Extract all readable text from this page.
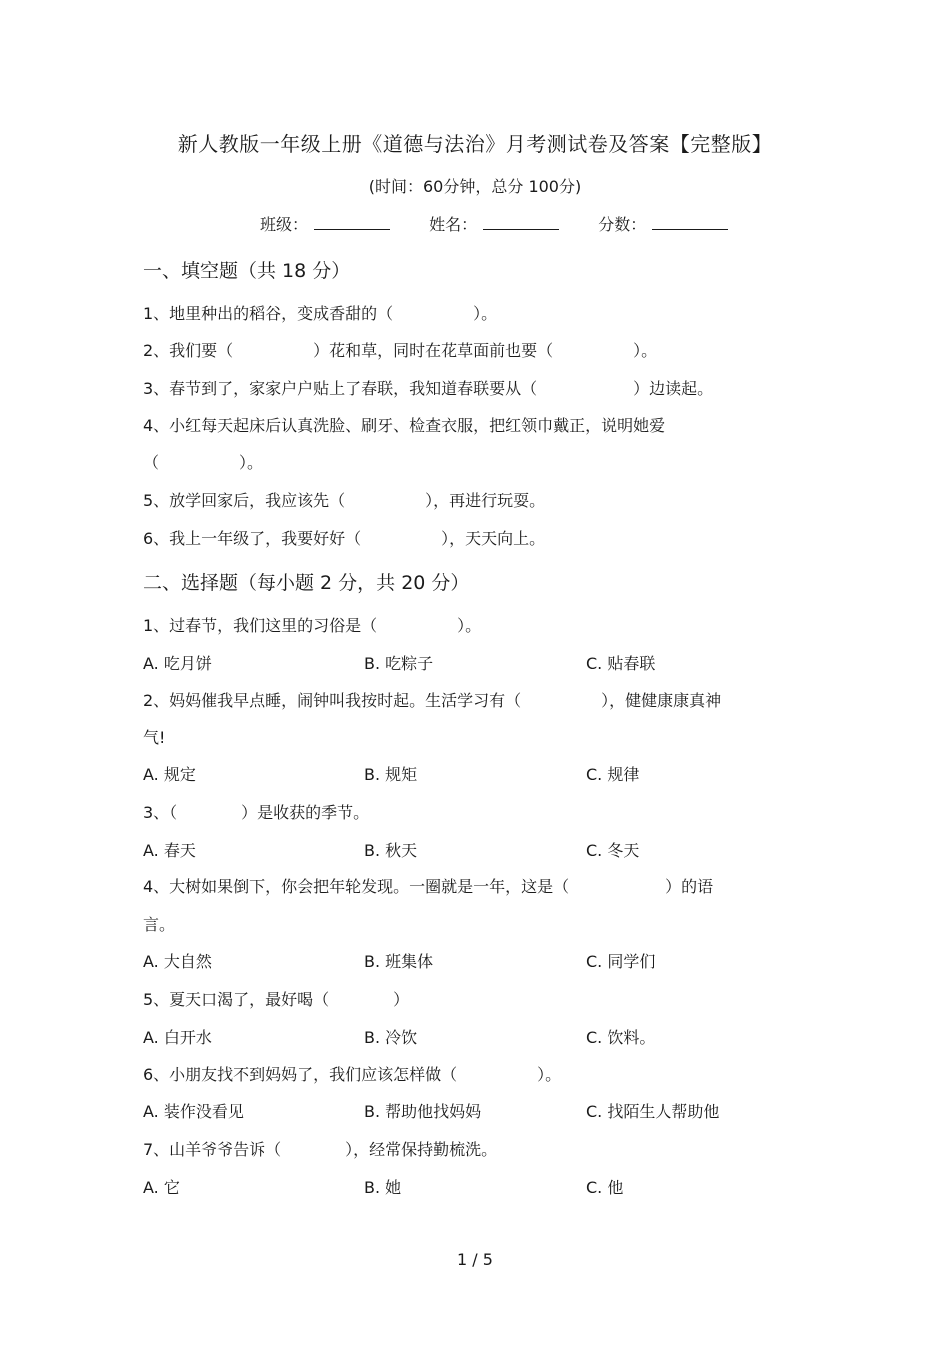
新人教版一年级上册《道德与法治》月考测试卷及答案【完整版】
(时间：60分钟，总分 100分)
班级：	姓名：	分数：
一、填空题（共 18 分）
1、地里种出的稻谷，变成香甜的（　　　　　）。
2、我们要（　　　　　）花和草，同时在花草面前也要（　　　　　）。
3、春节到了，家家户户贴上了春联，我知道春联要从（　　　　　　）边读起。
4、小红每天起床后认真洗脸、刷牙、检查衣服，把红领巾戴正，说明她爱
（　　　　　）。
5、放学回家后，我应该先（　　　　　），再进行玩耍。
6、我上一年级了，我要好好（　　　　　），天天向上。
二、选择题（每小题 2 分，共 20 分）
1、过春节，我们这里的习俗是（　　　　　）。
A. 吃月饼	B. 吃粽子	C. 贴春联
2、妈妈催我早点睡，闹钟叫我按时起。生活学习有（　　　　　），健健康康真神
气!
A. 规定	B. 规矩	C. 规律
3、（　　　　）是收获的季节。
A. 春天	B. 秋天	C. 冬天
4、大树如果倒下，你会把年轮发现。一圈就是一年，这是（　　　　　　）的语
言。
A. 大自然	B. 班集体	C. 同学们
5、夏天口渴了，最好喝（　　　　）
A. 白开水	B. 冷饮	C. 饮料。
6、小朋友找不到妈妈了，我们应该怎样做（　　　　　）。
A. 装作没看见	B. 帮助他找妈妈	C. 找陌生人帮助他
7、山羊爷爷告诉（　　　　），经常保持勤梳洗。
A. 它	B. 她	C. 他
1 / 5
